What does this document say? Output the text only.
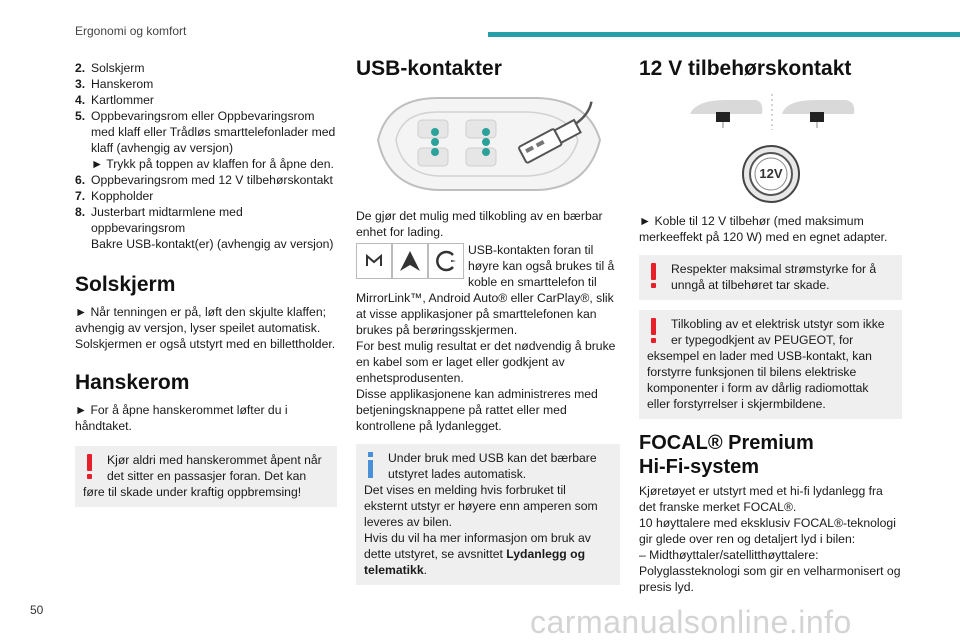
Ergonomi og komfort
2. Solskjerm

3. Hanskerom

4. Kartlommer

5. Oppbevaringsrom eller Oppbevaringsrom med klaff eller Trådløs smarttelefonlader med klaff (avhengig av versjon)

► Trykk på toppen av klaffen for å åpne den.

6. Oppbevaringsrom med 12 V tilbehørskontakt

7. Koppholder

8. Justerbart midtarmlene med oppbevaringsrom

Bakre USB-kontakt(er) (avhengig av versjon)

Solskjerm

► Når tenningen er på, løft den skjulte klaffen; avhengig av versjon, lyser speilet automatisk. Solskjermen er også utstyrt med en billettholder.

Hanskerom

► For å åpne hanskerommet løfter du i håndtaket.

Kjør aldri med hanskerommet åpent når det sitter en passasjer foran. Det kan føre til skade under kraftig oppbremsing!
USB-kontakter

De gjør det mulig med tilkobling av en bærbar enhet for lading.

USB-kontakten foran til høyre kan også brukes til å koble en smarttelefon til MirrorLink™, Android Auto® eller CarPlay®, slik at visse applikasjoner på smarttelefonen kan brukes på berøringsskjermen.

For best mulig resultat er det nødvendig å bruke en kabel som er laget eller godkjent av enhetsprodusenten.

Disse applikasjonene kan administreres med betjeningsknappene på rattet eller med kontrollene på lydanlegget.

Under bruk med USB kan det bærbare utstyret lades automatisk.

Det vises en melding hvis forbruket til eksternt utstyr er høyere enn amperen som leveres av bilen.

Hvis du vil ha mer informasjon om bruk av dette utstyret, se avsnittet Lydanlegg og telematikk.

12 V tilbehørskontakt
12V

► Koble til 12 V tilbehør (med maksimum merkeeffekt på 120 W) med en egnet adapter.

Respekter maksimal strømstyrke for å unngå at tilbehøret tar skade.
Tilkobling av et elektrisk utstyr som ikke er typegodkjent av PEUGEOT, for eksempel en lader med USB-kontakt, kan forstyrre funksjonen til bilens elektriske komponenter i form av dårlig radiomottak eller forstyrrelser i skjermbildene.
FOCAL® Premium
Hi-Fi-system

Kjøretøyet er utstyrt med et hi-fi lydanlegg fra det franske merket FOCAL®.

10 høyttalere med eksklusiv FOCAL®-teknologi gir glede over ren og detaljert lyd i bilen:

– Midthøyttaler/satellitthøyttalere: Polyglassteknologi som gir en velharmonisert og presis lyd.

50	carmanualsonline.info
